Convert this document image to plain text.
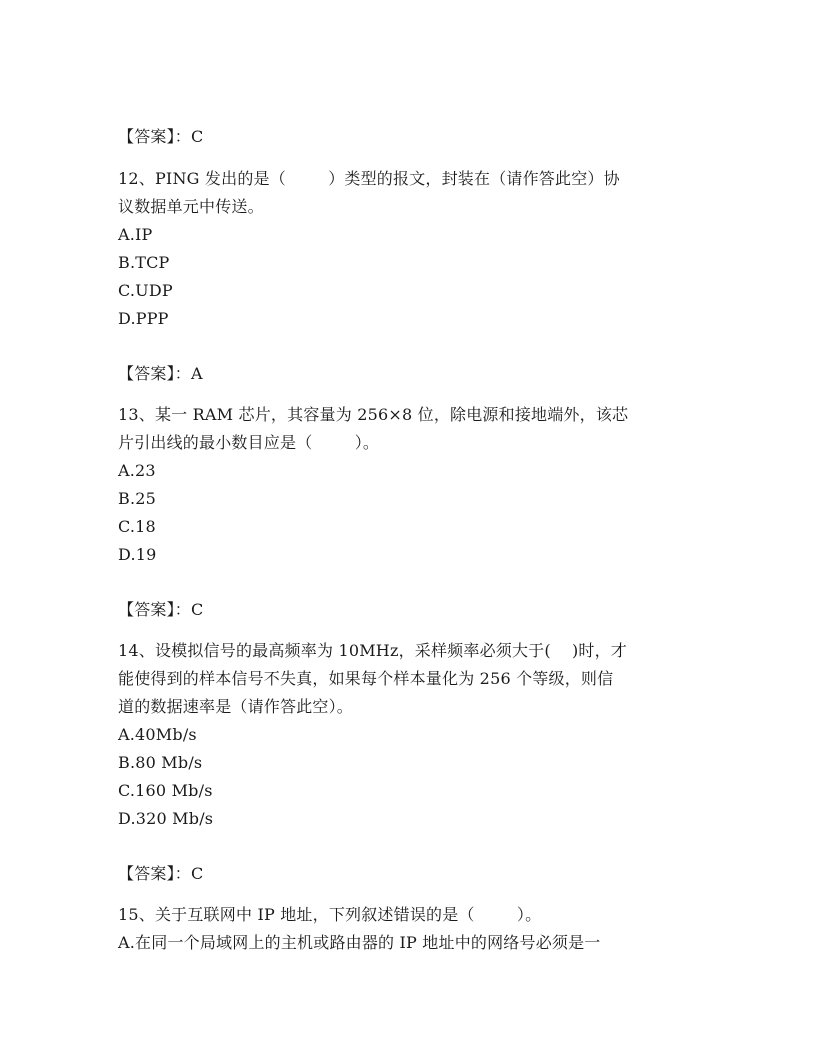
【答案】：C
12、PING 发出的是（        ）类型的报文，封装在（请作答此空）协
议数据单元中传送。
A.IP
B.TCP
C.UDP
D.PPP
【答案】：A
13、某一 RAM 芯片，其容量为 256×8 位，除电源和接地端外，该芯
片引出线的最小数目应是（        ）。
A.23
B.25
C.18
D.19
【答案】：C
14、设模拟信号的最高频率为 10MHz，采样频率必须大于(    )时，才
能使得到的样本信号不失真，如果每个样本量化为 256 个等级，则信
道的数据速率是（请作答此空）。
A.40Mb/s
B.80 Mb/s
C.160 Mb/s
D.320 Mb/s
【答案】：C
15、关于互联网中 IP 地址，下列叙述错误的是（        ）。
A.在同一个局域网上的主机或路由器的 IP 地址中的网络号必须是一
